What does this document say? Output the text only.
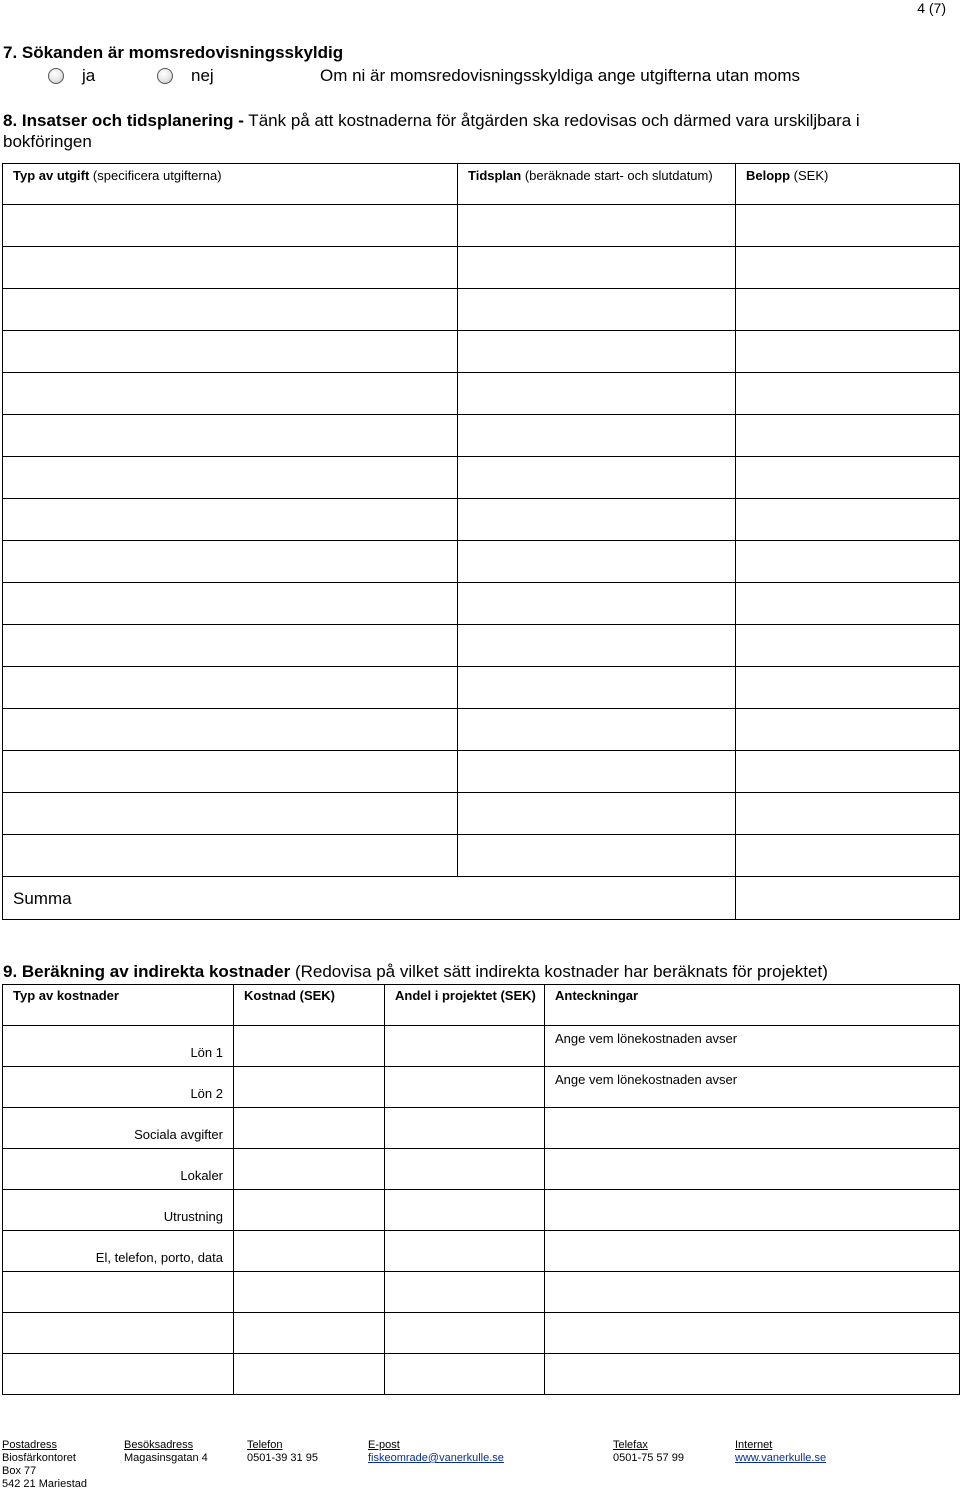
4 (7)
7. Sökanden är momsredovisningsskyldig
ja	nej	Om ni är momsredovisningsskyldiga ange utgifterna utan moms
8. Insatser och tidsplanering - Tänk på att kostnaderna för åtgärden ska redovisas och därmed vara urskiljbara i bokföringen
Typ av utgift (specificera utgifterna)	Tidsplan (beräknade start- och slutdatum)	Belopp (SEK)

Summa		
9. Beräkning av indirekta kostnader (Redovisa på vilket sätt indirekta kostnader har beräknats för projektet)
Typ av kostnader	Kostnad (SEK)	Andel i projektet (SEK)	Anteckningar
Lön 1			Ange vem lönekostnaden avser
Lön 2			Ange vem lönekostnaden avser
Sociala avgifter			
Lokaler			
Utrustning			
El, telefon, porto, data			

Postadress
Biosfärkontoret
Box 77
542 21 Mariestad
Besöksadress
Magasinsgatan 4
Telefon
0501-39 31 95
E-post
fiskeomrade@vanerkulle.se
Telefax
0501-75 57 99
Internet
www.vanerkulle.se
